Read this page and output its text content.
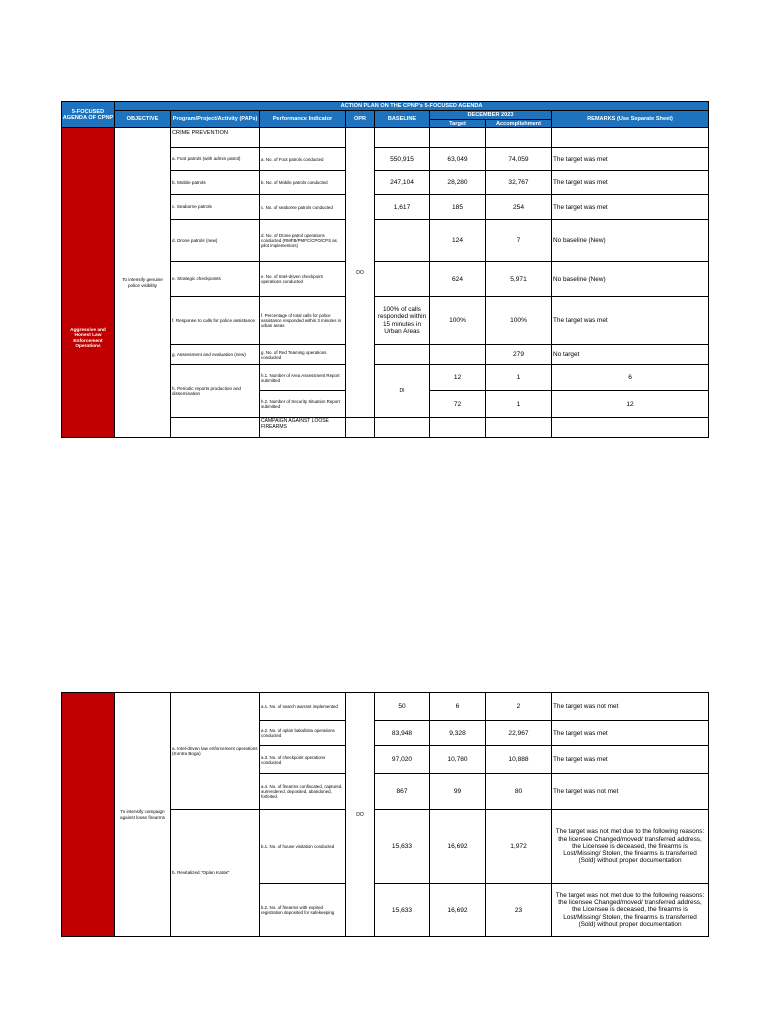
5-FOCUSED AGENDA OF CPNP	ACTION PLAN ON THE CPNP's 5-FOCUSED AGENDA								
	OBJECTIVE	Program/Project/Activity (PAPs)	Performance Indicator	OPR	BASELINE	DECEMBER 2023		REMARKS (Use Separate Sheet)	
						Target	Accomplishment		
Aggressive and Honest Law Enforcement Operations	To intensify genuine police visibility	CRIME PREVENTION		DO					
		a. Foot patrols (with admin patrol)	a. No. of Foot patrols conducted		550,915	63,049	74,059	The target was met	
		b. Mobile patrols	b. No. of Mobile patrols conducted		247,104	28,280	32,767	The target was met	
		c. Seaborne patrols	c. No. of seaborne patrols conducted		1,617	185	254	The target was met	
		d. Drone patrols (new)	d. No. of Drone patrol operations conducted (RMFB/PMFC/CPO/CPS as pilot implementors)			124	7	No baseline (New)	
		e. Strategic checkpoints	e. No. of Intel-driven checkpoint operations conducted			624	5,971	No baseline (New)	
		f. Response to calls for police assistance	f. Percentage of total calls for police assistance responded within 3 minutes in urban areas		100% of calls responded within 15 minutes in Urban Areas	100%	100%	The target was met	
		g. Assessment and evaluation (new)	g. No. of Red Teaming operations conducted				279	No target	
		h. Periodic reports production and dissemination	h.1. Number of Area Assessment Report submitted		DI	12	1	6	
			h.2. Number of Security Situation Report submitted			72	1	12	
			CAMPAIGN AGAINST LOOSE FIREARMS						
	To intensify campaign against loose firearms	a. Intel-driven law enforcement operations (Kontra Boga)	a.1. No. of search warrant implemented	DO	50	6	2	The target was not met
			a.2. No. of oplan bakal/sita operations conducted		83,948	9,328	22,967	The target was met
			a.3. No. of checkpoint operations conducted		97,020	10,780	10,888	The target was met
			a.4. No. of firearms confiscated, captured, surrendered, deposited, abandoned, forfeited.		867	99	80	The target was not met
		b. Revitalized "Oplan Katok"	b.1. No. of house visitation conducted		15,633	16,692	1,972	The target was not met due to the following reasons: the licensee Changed/moved/ transferred address, the Licensee is deceased, the firearms is Lost/Missing/ Stolen, the firearms is transferred (Sold) without proper documentation
			b.2. No. of firearms with expired registration deposited for safekeeping		15,633	16,692	23	The target was not met due to the following reasons: the licensee Changed/moved/ transferred address, the Licensee is deceased, the firearms is Lost/Missing/ Stolen, the firearms is transferred (Sold) without proper documentation
